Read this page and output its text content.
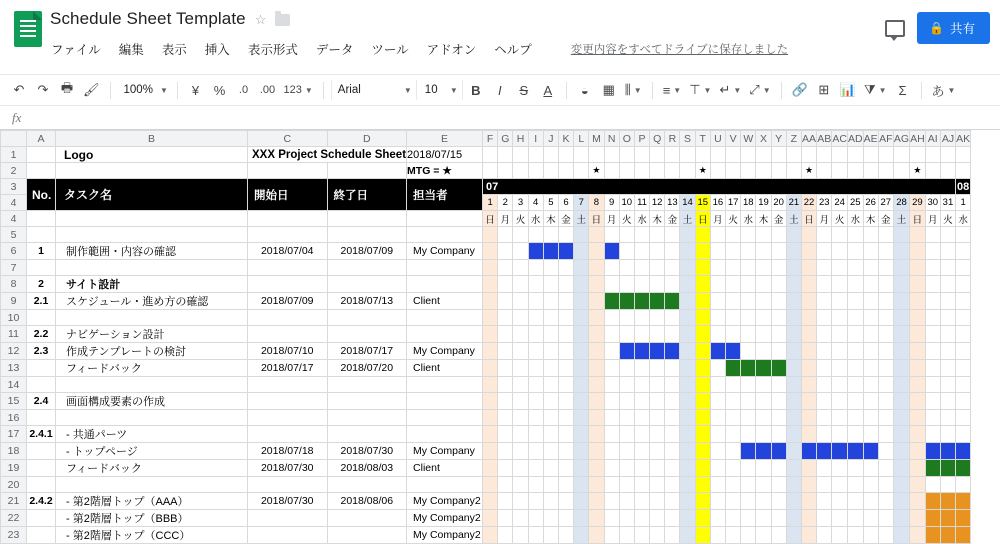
Schedule Sheet Template ☆
ファイル 編集 表示 挿入 表示形式 データ ツール アドオン ヘルプ	変更内容をすべてドライブに保存しました
🔒 共有
↶	↷ 🖶 🖌 100% ▼	¥	%	.0	.00 123 ▼ Arial	▼ 10 ▼	B	I	S	A	◒	▦ ⫼ ▼ ≡ ▼ ⊤ ▼ ↵ ▼ ⤢ ▼ 🔗 ⊞ 📊 ⧩ ▼ Σ	あ ▼
fx
	A	B	C	D	E	F	G	H	I	J	K	L	M	N	O	P	Q	R	S	T	U	V	W	X	Y	Z	AA	AB	AC	AD	AE	AF	AG	AH	AI	AJ	AK
1		Logo	XXX Project Schedule Sheet		2018/07/15																																
2					MTG = ★								★							★							★							★			
3	No.	タスク名	開始日	終了日	担当者	07																															08
4						1	2	3	4	5	6	7	8	9	10	11	12	13	14	15	16	17	18	19	20	21	22	23	24	25	26	27	28	29	30	31	1
4						日	月	火	水	木	金	土	日	月	火	水	木	金	土	日	月	火	水	木	金	土	日	月	火	水	木	金	土	日	月	火	水
5																																					
6	1	制作範囲・内容の確認	2018/07/04	2018/07/09	My Company																																
7																																					
8	2	サイト設計																																			
9	2.1	スケジュール・進め方の確認	2018/07/09	2018/07/13	Client																																
10																																					
11	2.2	ナビゲーション設計																																			
12	2.3	作成テンプレートの検討	2018/07/10	2018/07/17	My Company																																
13		フィードバック	2018/07/17	2018/07/20	Client																																
14																																					
15	2.4	画面構成要素の作成																																			
16																																					
17	2.4.1	- 共通パーツ																																			
18		- トップページ	2018/07/18	2018/07/30	My Company																																
19		フィードバック	2018/07/30	2018/08/03	Client																																
20																																					
21	2.4.2	- 第2階層トップ（AAA）	2018/07/30	2018/08/06	My Company2																																
22		- 第2階層トップ（BBB）			My Company2																																
23		- 第2階層トップ（CCC）			My Company2																																
